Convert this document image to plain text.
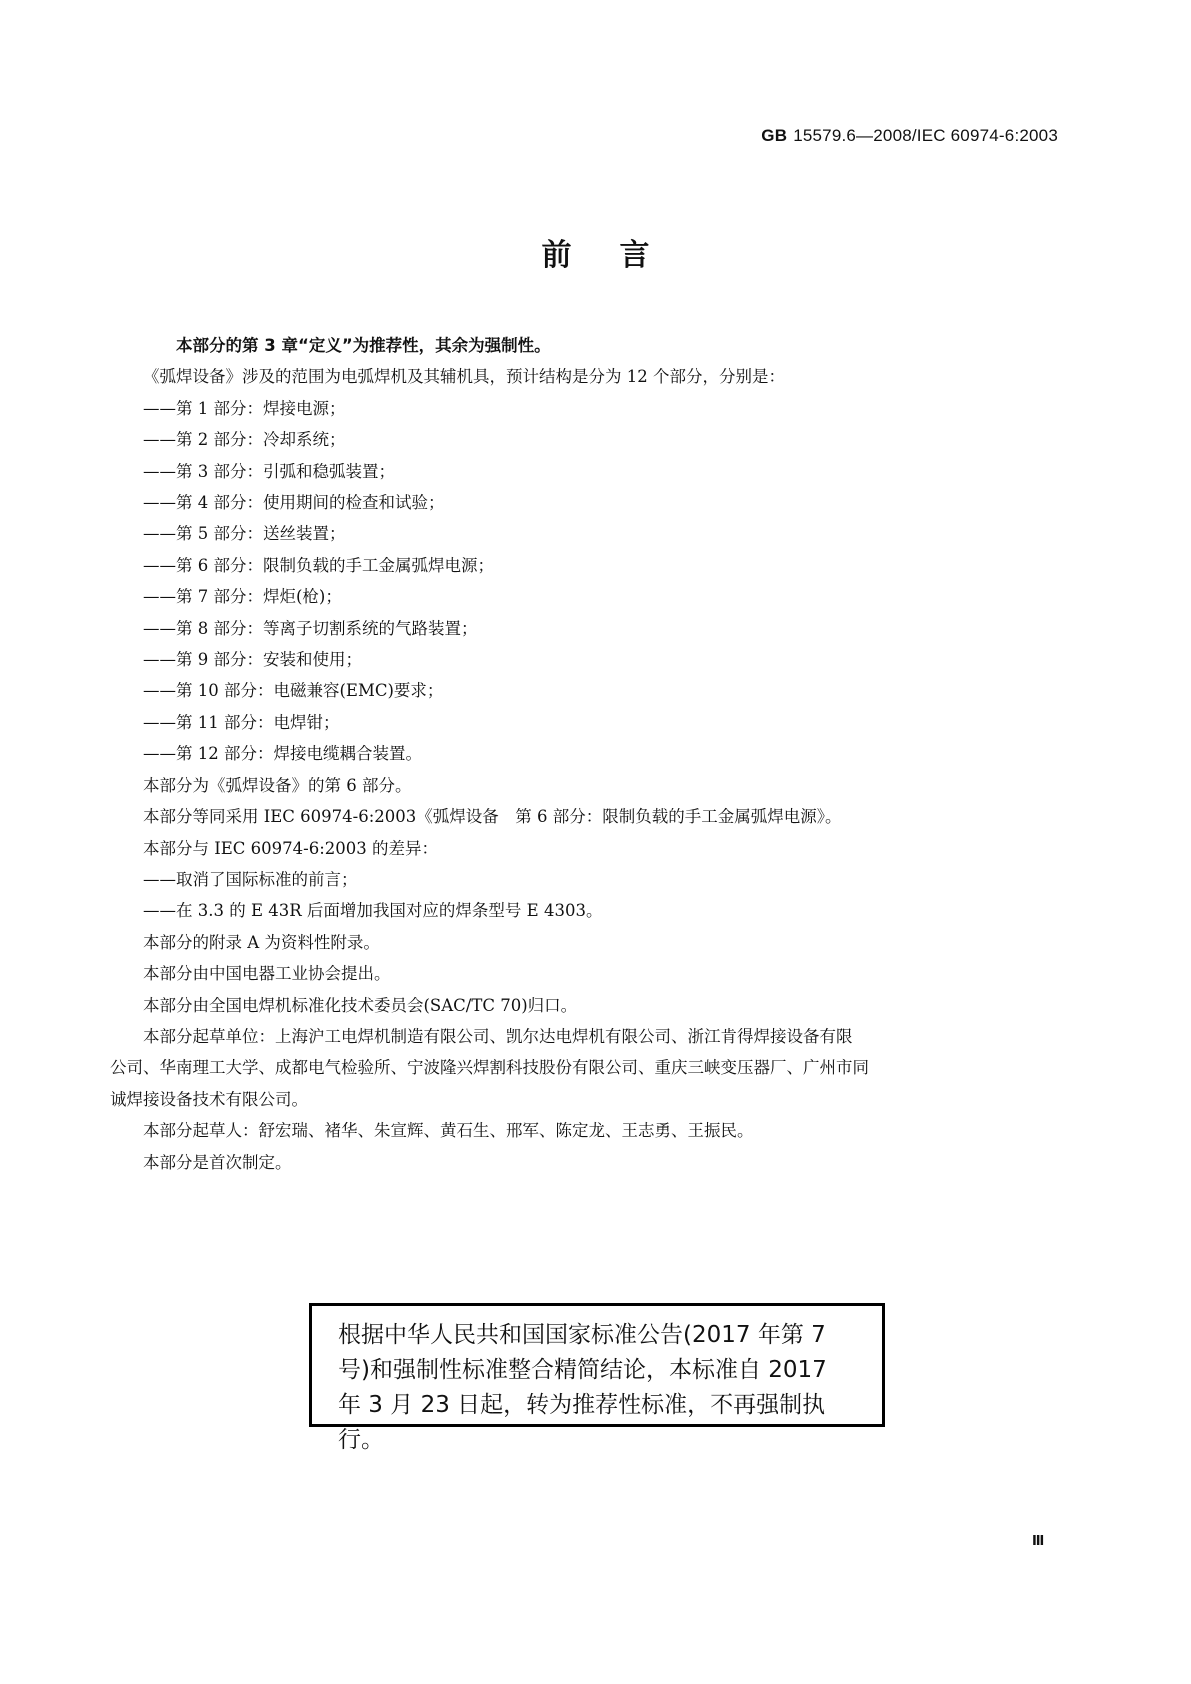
GB 15579.6—2008/IEC 60974-6:2003
前 言

本部分的第 3 章“定义”为推荐性，其余为强制性。

《弧焊设备》涉及的范围为电弧焊机及其辅机具，预计结构是分为 12 个部分，分别是：

——第 1 部分：焊接电源；

——第 2 部分：冷却系统；

——第 3 部分：引弧和稳弧装置；

——第 4 部分：使用期间的检查和试验；

——第 5 部分：送丝装置；

——第 6 部分：限制负载的手工金属弧焊电源；

——第 7 部分：焊炬(枪)；

——第 8 部分：等离子切割系统的气路装置；

——第 9 部分：安装和使用；

——第 10 部分：电磁兼容(EMC)要求；

——第 11 部分：电焊钳；

——第 12 部分：焊接电缆耦合装置。

本部分为《弧焊设备》的第 6 部分。

本部分等同采用 IEC 60974-6:2003《弧焊设备　第 6 部分：限制负载的手工金属弧焊电源》。

本部分与 IEC 60974-6:2003 的差异：

——取消了国际标准的前言；

——在 3.3 的 E 43R 后面增加我国对应的焊条型号 E 4303。

本部分的附录 A 为资料性附录。

本部分由中国电器工业协会提出。

本部分由全国电焊机标准化技术委员会(SAC/TC 70)归口。

本部分起草单位：上海沪工电焊机制造有限公司、凯尔达电焊机有限公司、浙江肯得焊接设备有限

公司、华南理工大学、成都电气检验所、宁波隆兴焊割科技股份有限公司、重庆三峡变压器厂、广州市同

诚焊接设备技术有限公司。

本部分起草人：舒宏瑞、褚华、朱宣辉、黄石生、邢军、陈定龙、王志勇、王振民。

本部分是首次制定。

根据中华人民共和国国家标准公告(2017 年第 7
号)和强制性标准整合精简结论，本标准自 2017
年 3 月 23 日起，转为推荐性标准，不再强制执行。
Ⅲ
